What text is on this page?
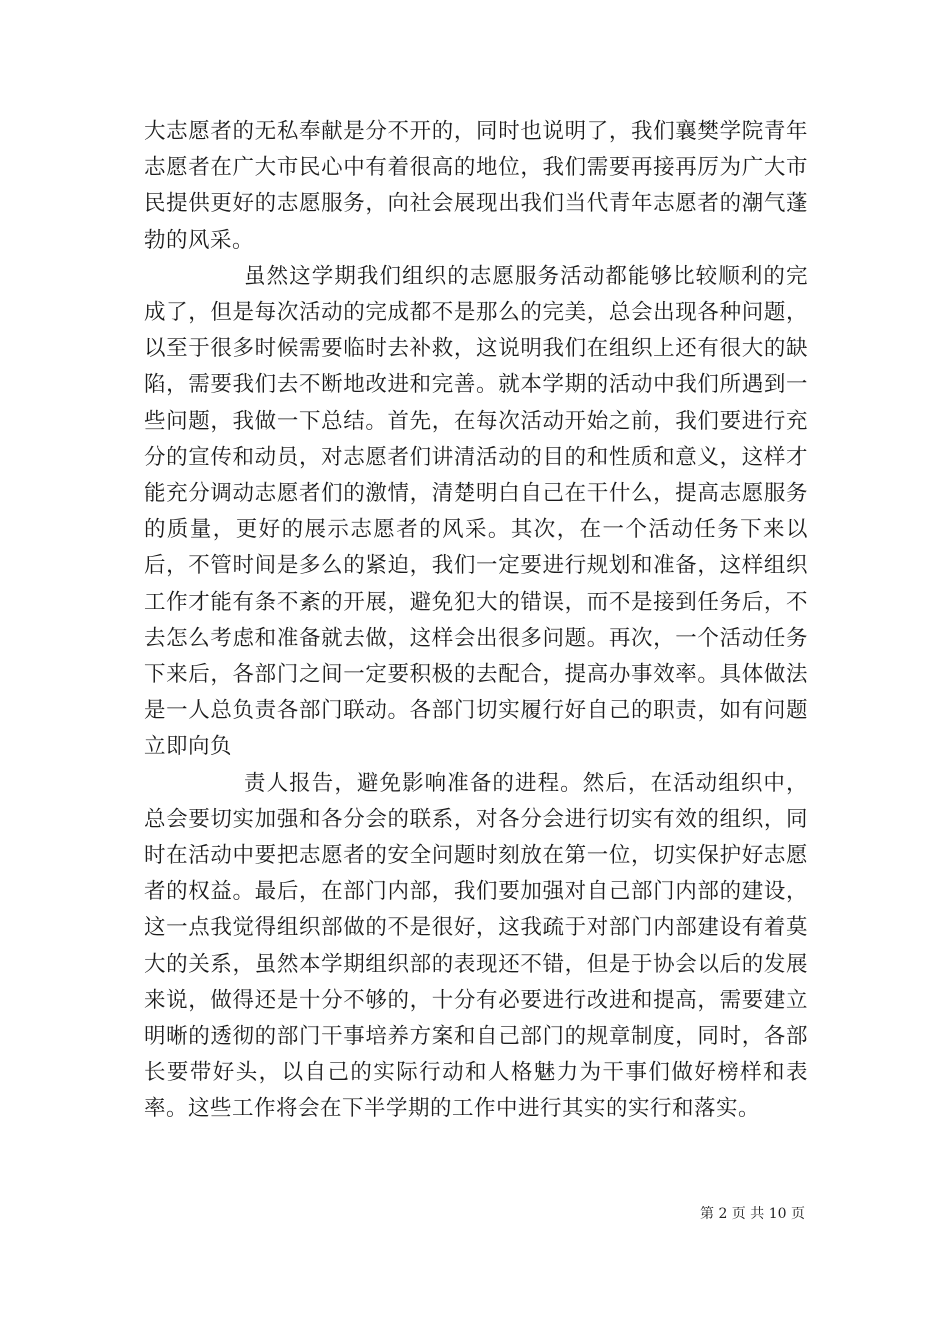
大志愿者的无私奉献是分不开的，同时也说明了，我们襄樊学院青年志愿者在广大市民心中有着很高的地位，我们需要再接再厉为广大市民提供更好的志愿服务，向社会展现出我们当代青年志愿者的潮气蓬勃的风采。

虽然这学期我们组织的志愿服务活动都能够比较顺利的完成了，但是每次活动的完成都不是那么的完美，总会出现各种问题，以至于很多时候需要临时去补救，这说明我们在组织上还有很大的缺陷，需要我们去不断地改进和完善。就本学期的活动中我们所遇到一些问题，我做一下总结。首先，在每次活动开始之前，我们要进行充分的宣传和动员，对志愿者们讲清活动的目的和性质和意义，这样才能充分调动志愿者们的激情，清楚明白自己在干什么，提高志愿服务的质量，更好的展示志愿者的风采。其次，在一个活动任务下来以后，不管时间是多么的紧迫，我们一定要进行规划和准备，这样组织工作才能有条不紊的开展，避免犯大的错误，而不是接到任务后，不去怎么考虑和准备就去做，这样会出很多问题。再次，一个活动任务下来后，各部门之间一定要积极的去配合，提高办事效率。具体做法是一人总负责各部门联动。各部门切实履行好自己的职责，如有问题立即向负

责人报告，避免影响准备的进程。然后，在活动组织中，总会要切实加强和各分会的联系，对各分会进行切实有效的组织，同时在活动中要把志愿者的安全问题时刻放在第一位，切实保护好志愿者的权益。最后，在部门内部，我们要加强对自己部门内部的建设，这一点我觉得组织部做的不是很好，这我疏于对部门内部建设有着莫大的关系，虽然本学期组织部的表现还不错，但是于协会以后的发展来说，做得还是十分不够的，十分有必要进行改进和提高，需要建立明晰的透彻的部门干事培养方案和自己部门的规章制度，同时，各部长要带好头，以自己的实际行动和人格魅力为干事们做好榜样和表率。这些工作将会在下半学期的工作中进行其实的实行和落实。

第 2 页 共 10 页
